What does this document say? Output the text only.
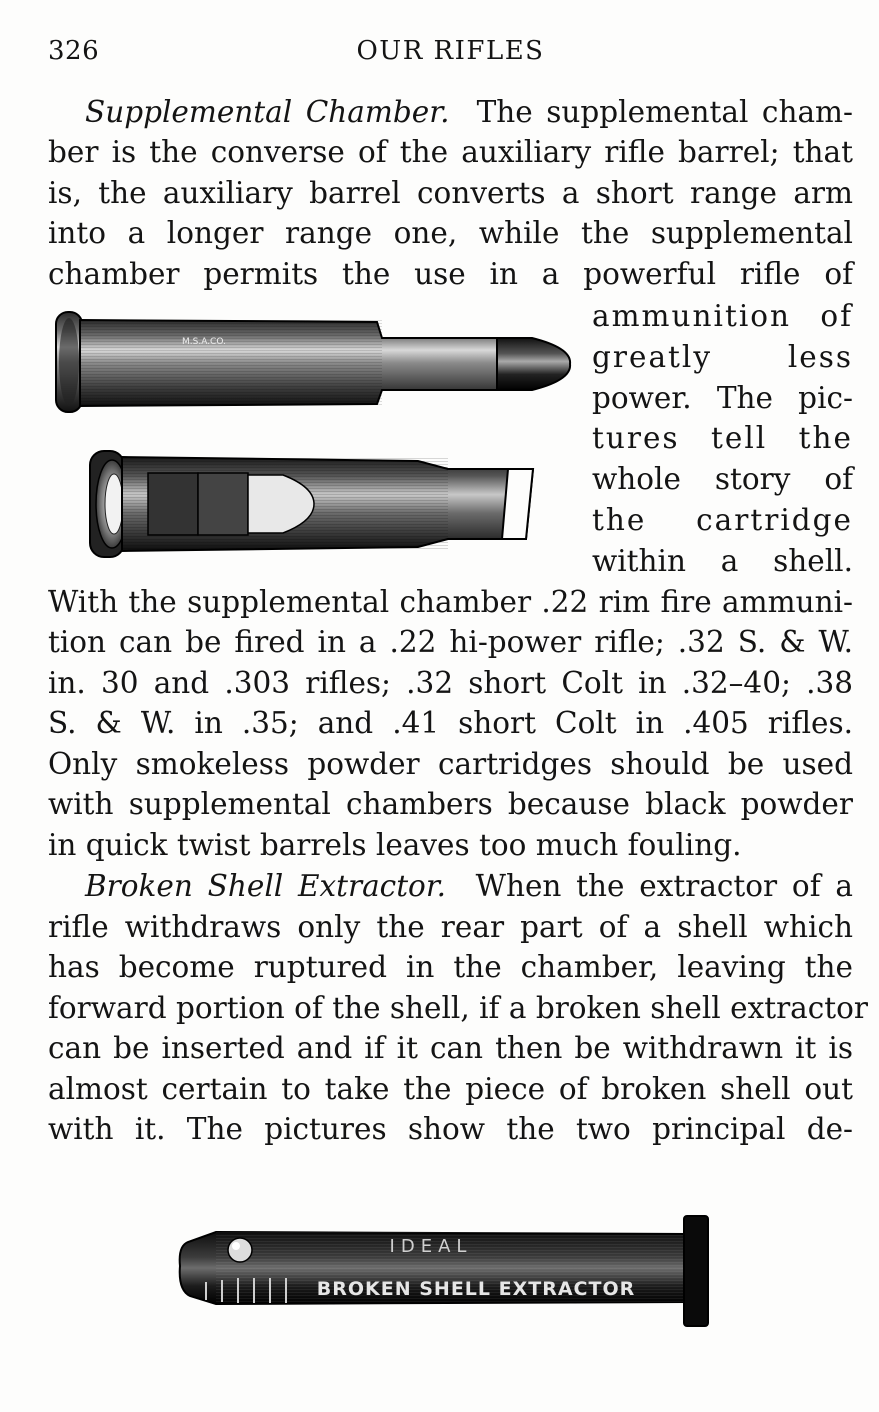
326	OUR RIFLES
Supplemental Chamber. The supplemental cham-
ber is the converse of the auxiliary rifle barrel; that
is, the auxiliary barrel converts a short range arm
into a longer range one, while the supplemental
chamber permits the use in a powerful rifle of
ammunition of
greatly less
power. The pic-
tures tell the
whole story of
the cartridge
within a shell.
With the supplemental chamber .22 rim fire ammuni-
tion can be fired in a .22 hi-power rifle; .32 S. & W.
in. 30 and .303 rifles; .32 short Colt in .32–40; .38
S. & W. in .35; and .41 short Colt in .405 rifles.
Only smokeless powder cartridges should be used
with supplemental chambers because black powder
in quick twist barrels leaves too much fouling.
Broken Shell Extractor. When the extractor of a
rifle withdraws only the rear part of a shell which
has become ruptured in the chamber, leaving the
forward portion of the shell, if a broken shell extractor
can be inserted and if it can then be withdrawn it is
almost certain to take the piece of broken shell out
with it. The pictures show the two principal de-
M.S.A.CO.
IDEAL
BROKEN SHELL EXTRACTOR
